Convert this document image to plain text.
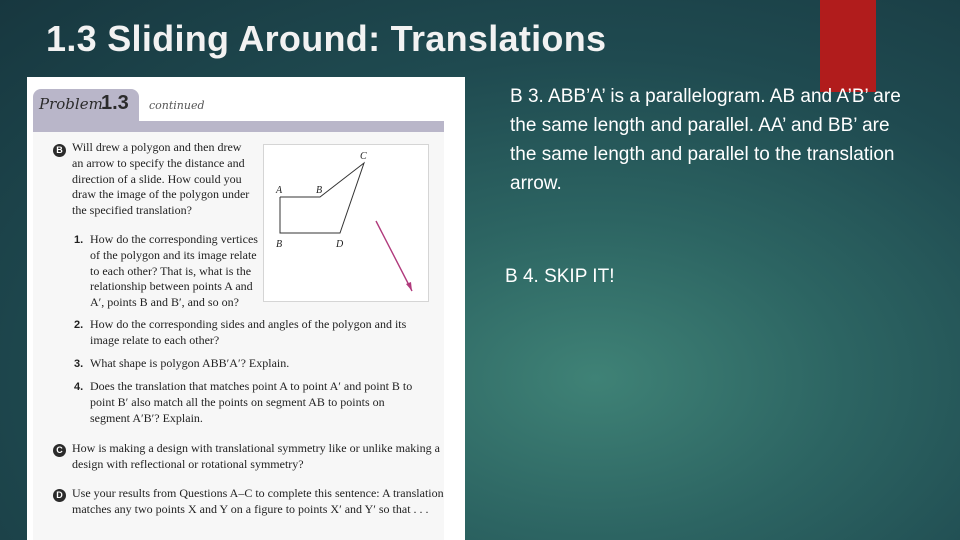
1.3 Sliding Around: Translations
Problem
1.3 continued
B Will drew a polygon and then drew
an arrow to specify the distance and
direction of a slide. How could you
draw the image of the polygon under
the specified translation?
1. How do the corresponding vertices
of the polygon and its image relate
to each other? That is, what is the
relationship between points A and
A′, points B and B′, and so on?
A	B
C
B	D
2. How do the corresponding sides and angles of the polygon and its
image relate to each other?
3. What shape is polygon ABB′A′? Explain.
4. Does the translation that matches point A to point A′ and point B to
point B′ also match all the points on segment AB to points on
segment A′B′? Explain.
C How is making a design with translational symmetry like or unlike making a
design with reflectional or rotational symmetry?
D Use your results from Questions A–C to complete this sentence: A translation
matches any two points X and Y on a figure to points X′ and Y′ so that . . .

B 3. ABB’A’ is a parallelogram. AB and A’B’ are the same length and parallel. AA’ and BB’ are the same length and parallel to the translation arrow.

B 4. SKIP IT!
